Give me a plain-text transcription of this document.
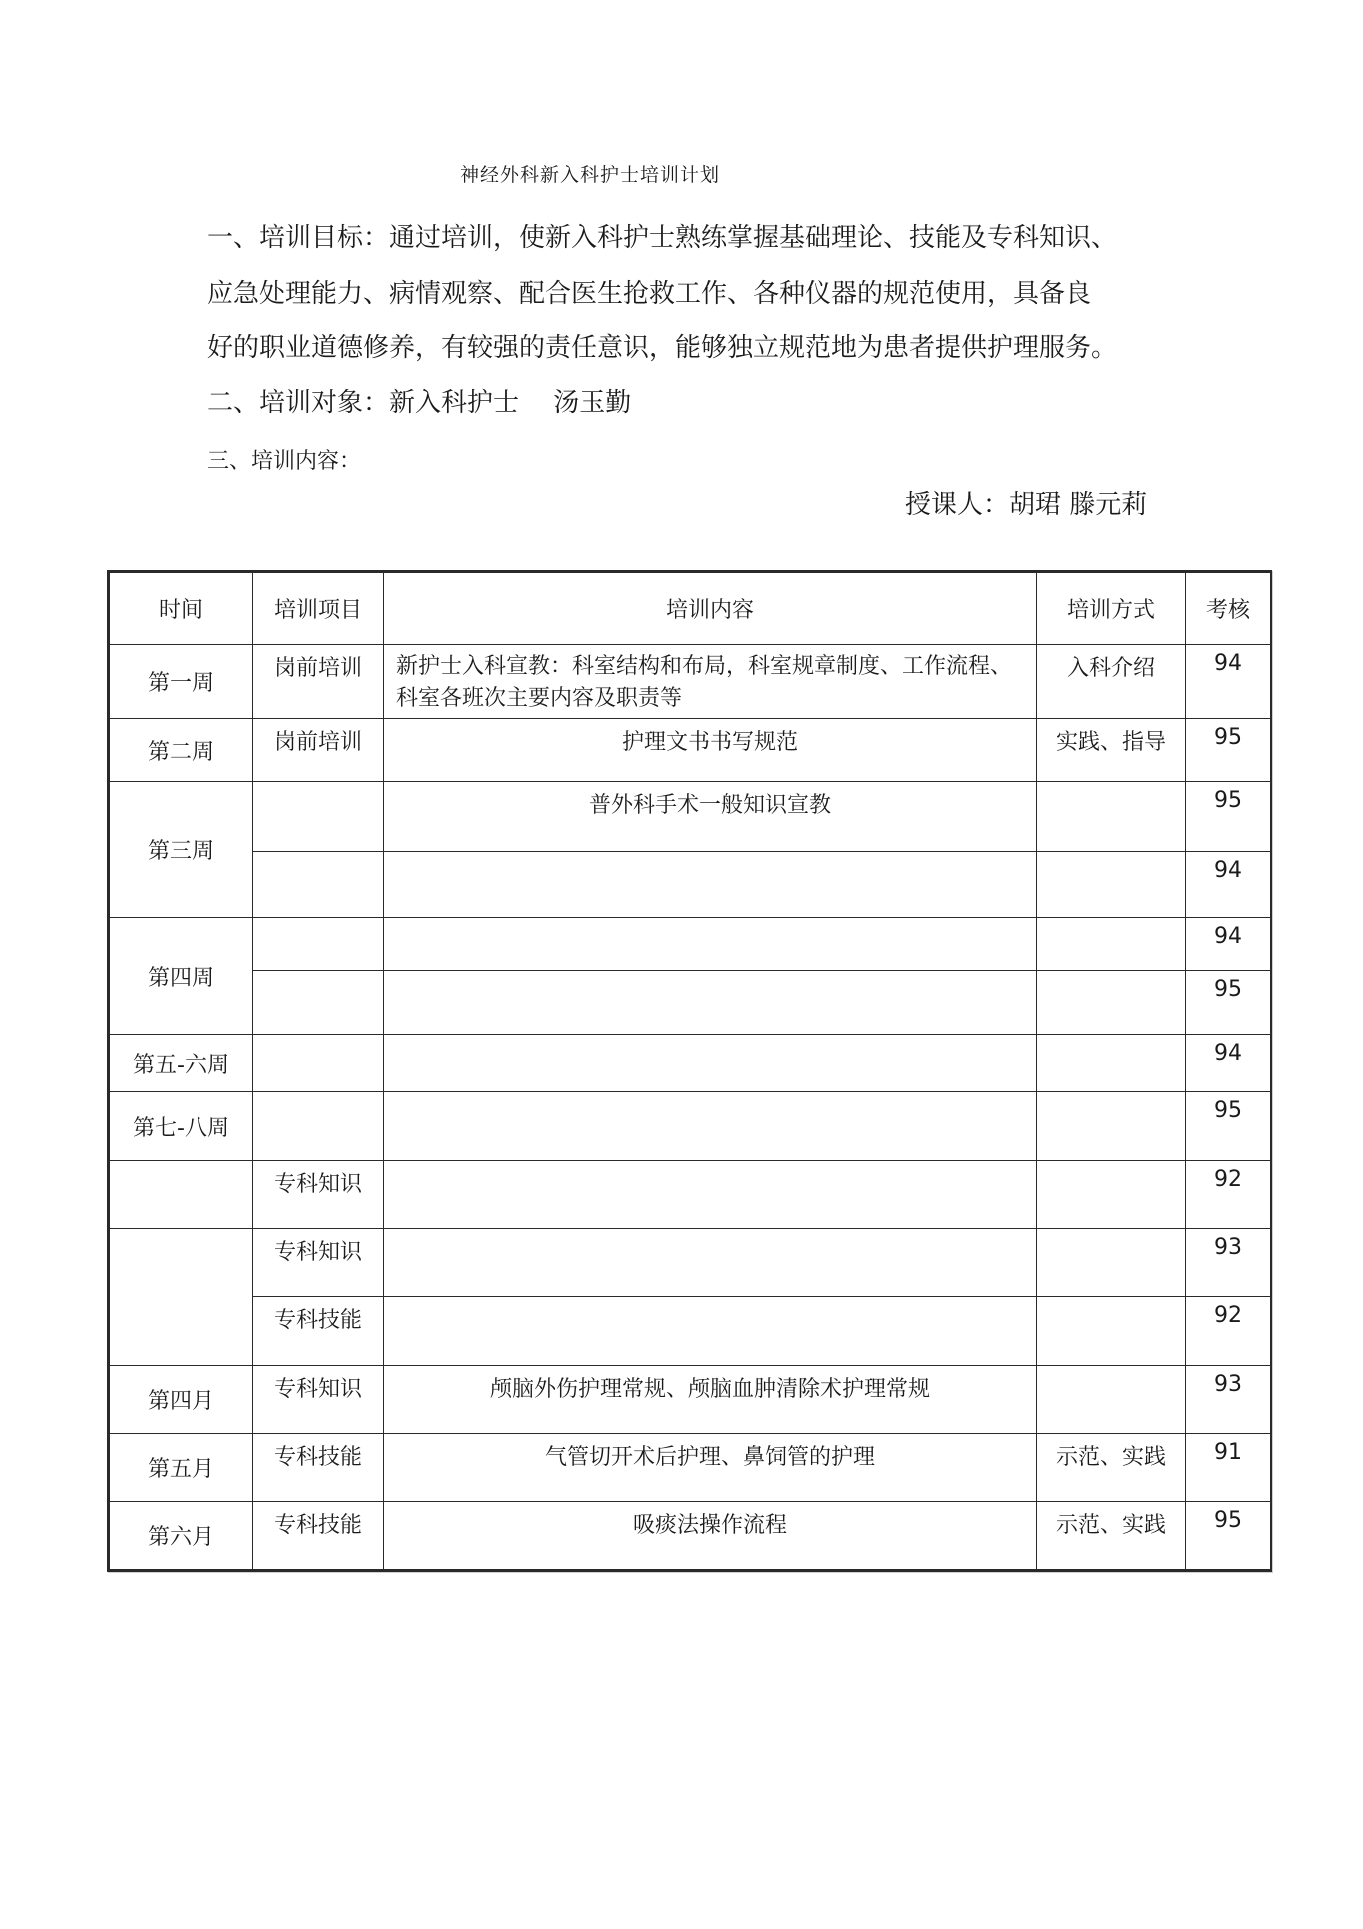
神经外科新入科护士培训计划
一、培训目标：通过培训，使新入科护士熟练掌握基础理论、技能及专科知识、
应急处理能力、病情观察、配合医生抢救工作、各种仪器的规范使用，具备良
好的职业道德修养，有较强的责任意识，能够独立规范地为患者提供护理服务。
二、培训对象：新入科护士　 汤玉勤
三、培训内容：
授课人：胡珺 滕元莉
时间	培训项目	培训内容	培训方式	考核
第一周	岗前培训	新护士入科宣教：科室结构和布局，科室规章制度、工作流程、科室各班次主要内容及职责等	入科介绍	94
第二周	岗前培训	护理文书书写规范	实践、指导	95
第三周		普外科手术一般知识宣教		95
				94
第四周				94
				95
第五-六周				94
第七-八周				95
	专科知识			92
	专科知识			93
	专科技能			92
第四月	专科知识	颅脑外伤护理常规、颅脑血肿清除术护理常规		93
第五月	专科技能	气管切开术后护理、鼻饲管的护理	示范、实践	91
第六月	专科技能	吸痰法操作流程	示范、实践	95
